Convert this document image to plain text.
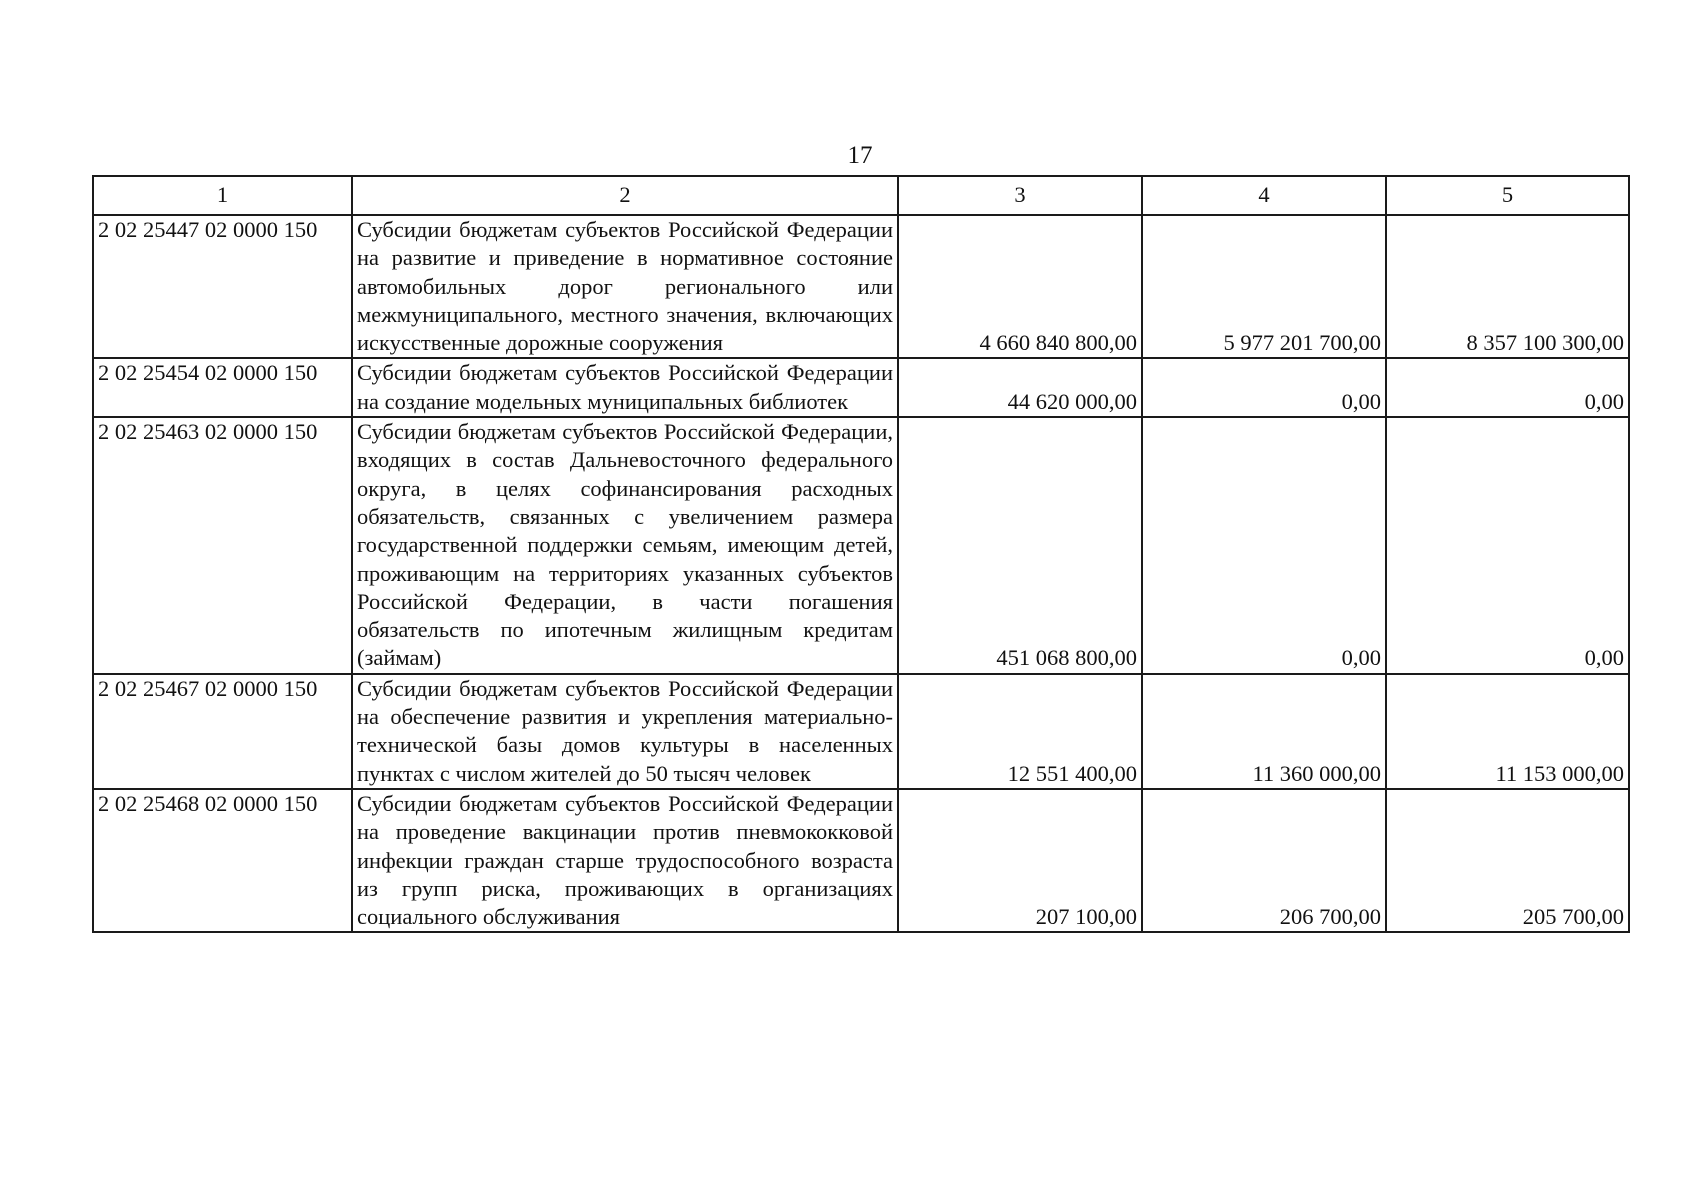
17
1	2	3	4	5
2 02 25447 02 0000 150	Субсидии бюджетам субъектов Российской Федерации на развитие и приведение в нормативное состояние автомобильных дорог регионального или межмуниципального, местного значения, включающих искусственные дорожные сооружения	4 660 840 800,00	5 977 201 700,00	8 357 100 300,00
2 02 25454 02 0000 150	Субсидии бюджетам субъектов Российской Федерации на создание модельных муниципальных библиотек	44 620 000,00	0,00	0,00
2 02 25463 02 0000 150	Субсидии бюджетам субъектов Российской Федерации, входящих в состав Дальневосточного федерального округа, в целях софинансирования расходных обязательств, связанных с увеличением размера государственной поддержки семьям, имеющим детей, проживающим на территориях указанных субъектов Российской Федерации, в части погашения обязательств по ипотечным жилищным кредитам (займам)	451 068 800,00	0,00	0,00
2 02 25467 02 0000 150	Субсидии бюджетам субъектов Российской Федерации на обеспечение развития и укрепления материально-технической базы домов культуры в населенных пунктах с числом жителей до 50 тысяч человек	12 551 400,00	11 360 000,00	11 153 000,00
2 02 25468 02 0000 150	Субсидии бюджетам субъектов Российской Федерации на проведение вакцинации против пневмококковой инфекции граждан старше трудоспособного возраста из групп риска, проживающих в организациях социального обслуживания	207 100,00	206 700,00	205 700,00
